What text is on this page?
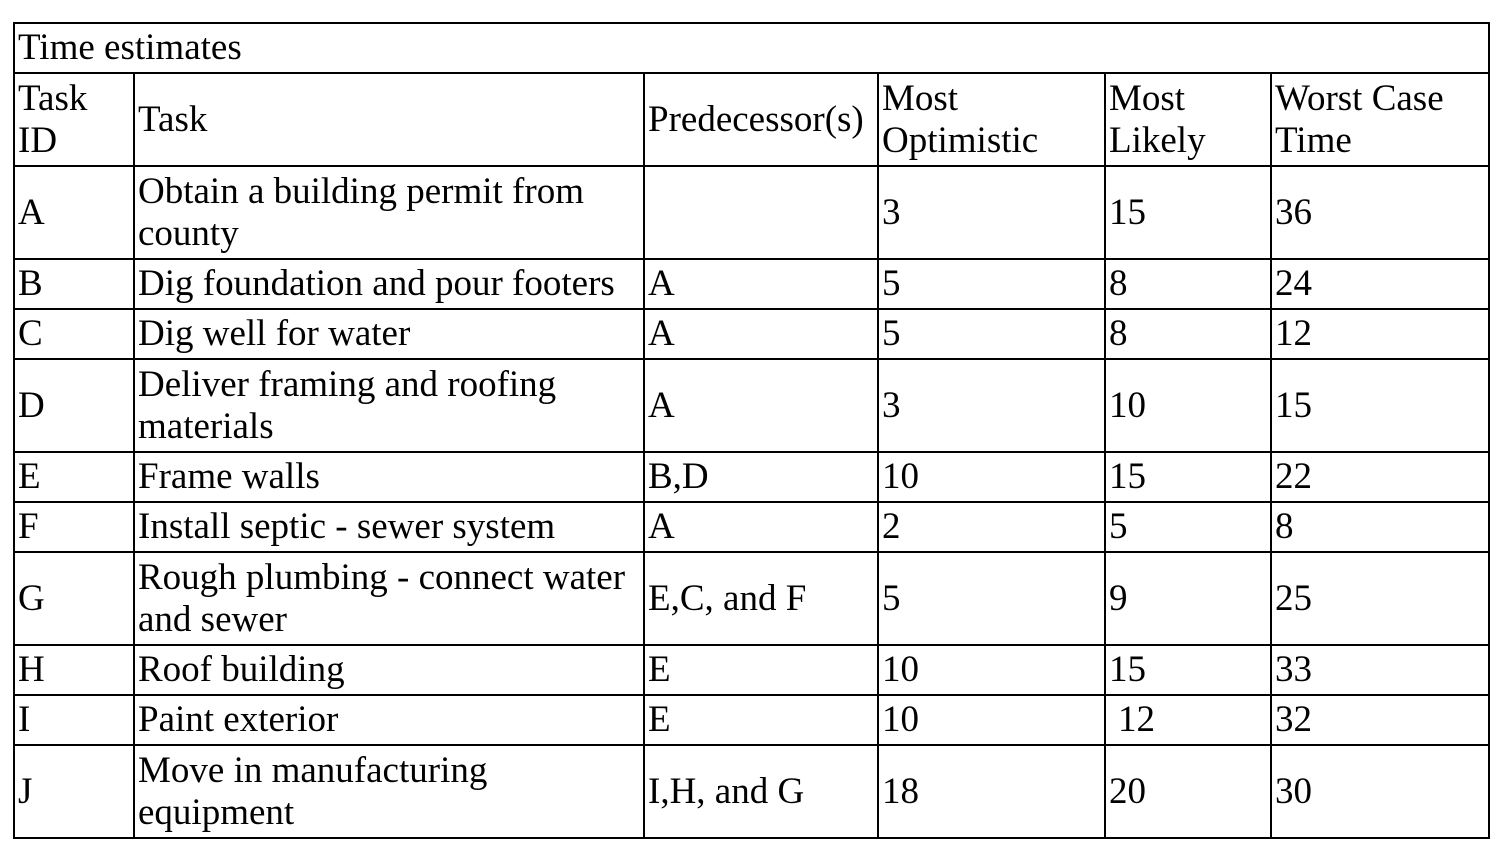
Time estimates					
Task ID	Task	Predecessor(s)	Most Optimistic	Most Likely	Worst Case Time
A	Obtain a building permit from county		3	15	36
B	Dig foundation and pour footers	A	5	8	24
C	Dig well for water	A	5	8	12
D	Deliver framing and roofing materials	A	3	10	15
E	Frame walls	B,D	10	15	22
F	Install septic - sewer system	A	2	5	8
G	Rough plumbing - connect water and sewer	E,C, and F	5	9	25
H	Roof building	E	10	15	33
I	Paint exterior	E	10	12	32
J	Move in manufacturing equipment	I,H, and G	18	20	30
